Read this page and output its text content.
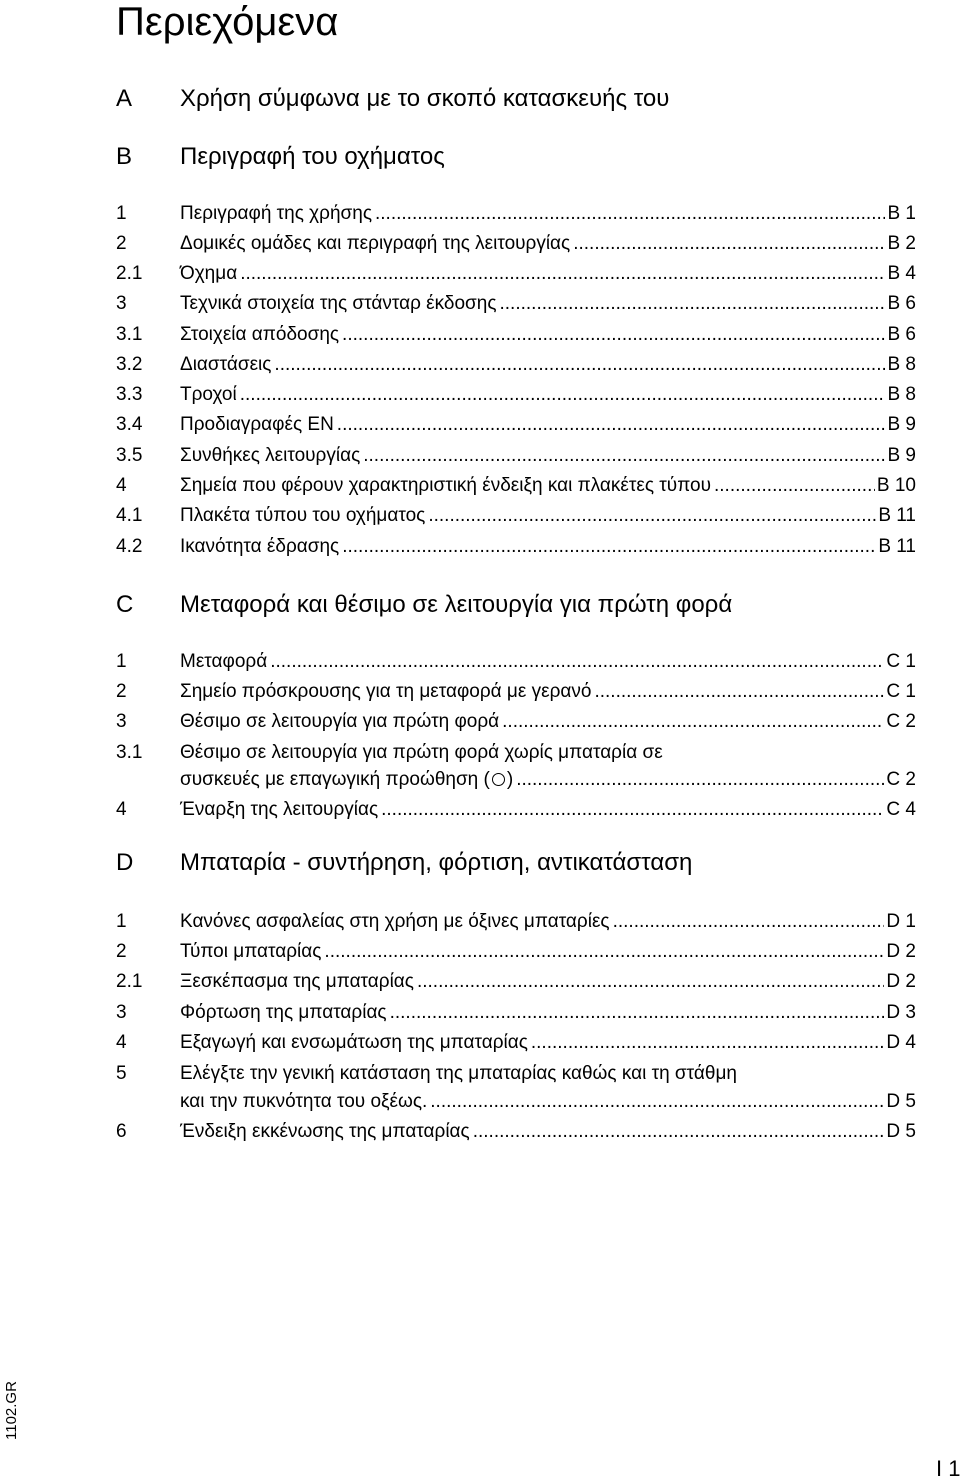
Περιεχόμενα
A Χρήση σύμφωνα με το σκοπό κατασκευής του
B Περιγραφή του οχήματος
1	Περιγραφή της χρήσης .....	B 1
2	Δομικές ομάδες και περιγραφή της λειτουργίας .....	B 2
2.1 Όχημα .....	B 4
3	Τεχνικά στοιχεία της στάνταρ έκδοσης .....	B 6
3.1 Στοιχεία απόδοσης .....	B 6
3.2 Διαστάσεις .....	B 8
3.3 Τροχοί .....	B 8
3.4 Προδιαγραφές EN .....	B 9
3.5 Συνθήκες λειτουργίας .....	B 9
4	Σημεία που φέρουν χαρακτηριστική ένδειξη και πλακέτες τύπου .....	B 10
4.1 Πλακέτα τύπου του οχήματος .....	B 11
4.2 Ικανότητα έδρασης .....	B 11
C Μεταφορά και θέσιμο σε λειτουργία για πρώτη φορά
1	Μεταφορά .....	C 1
2	Σημείο πρόσκρουσης για τη μεταφορά με γερανό .....	C 1
3	Θέσιμο σε λειτουργία για πρώτη φορά .....	C 2
3.1 Θέσιμο σε λειτουργία για πρώτη φορά χωρίς μπαταρία σε
συσκευές με επαγωγική προώθηση ( ) .....	C 2
4	Έναρξη της λειτουργίας .....	C 4
D Μπαταρία - συντήρηση, φόρτιση, αντικατάσταση
1	Κανόνες ασφαλείας στη χρήση με όξινες μπαταρίες .....	D 1
2	Τύποι μπαταρίας .....	D 2
2.1 Ξεσκέπασμα της μπαταρίας .....	D 2
3	Φόρτωση της μπαταρίας .....	D 3
4	Εξαγωγή και ενσωμάτωση της μπαταρίας .....	D 4
5	Ελέγξτε την γενική κατάσταση της μπαταρίας καθώς και τη στάθμη
και την πυκνότητα του οξέως. .....	D 5
6	Ένδειξη εκκένωσης της μπαταρίας .....	D 5
1102.GR
I 1
